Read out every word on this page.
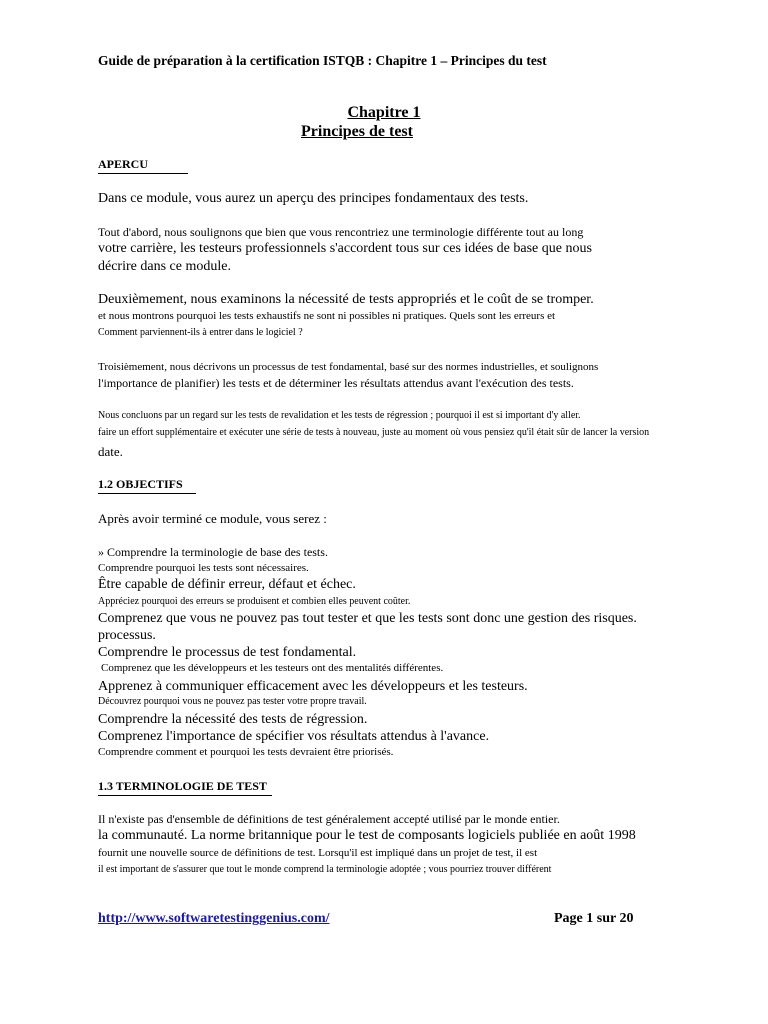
Guide de préparation à la certification ISTQB : Chapitre 1 – Principes du test
Chapitre 1
Principes de test
APERCU
Dans ce module, vous aurez un aperçu des principes fondamentaux des tests.
Tout d'abord, nous soulignons que bien que vous rencontriez une terminologie différente tout au long
votre carrière, les testeurs professionnels s'accordent tous sur ces idées de base que nous
décrire dans ce module.
Deuxièmement, nous examinons la nécessité de tests appropriés et le coût de se tromper.
et nous montrons pourquoi les tests exhaustifs ne sont ni possibles ni pratiques. Quels sont les erreurs et
Comment parviennent-ils à entrer dans le logiciel ?
Troisièmement, nous décrivons un processus de test fondamental, basé sur des normes industrielles, et soulignons
l'importance de planifier) les tests et de déterminer les résultats attendus avant l'exécution des tests.
Nous concluons par un regard sur les tests de revalidation et les tests de régression ; pourquoi il est si important d'y aller.
faire un effort supplémentaire et exécuter une série de tests à nouveau, juste au moment où vous pensiez qu'il était sûr de lancer la version
date.
1.2 OBJECTIFS
Après avoir terminé ce module, vous serez :
» Comprendre la terminologie de base des tests.
Comprendre pourquoi les tests sont nécessaires.
Être capable de définir erreur, défaut et échec.
Appréciez pourquoi des erreurs se produisent et combien elles peuvent coûter.
Comprenez que vous ne pouvez pas tout tester et que les tests sont donc une gestion des risques.
processus.
Comprendre le processus de test fondamental.
Comprenez que les développeurs et les testeurs ont des mentalités différentes.
Apprenez à communiquer efficacement avec les développeurs et les testeurs.
Découvrez pourquoi vous ne pouvez pas tester votre propre travail.
Comprendre la nécessité des tests de régression.
Comprenez l'importance de spécifier vos résultats attendus à l'avance.
Comprendre comment et pourquoi les tests devraient être priorisés.
1.3 TERMINOLOGIE DE TEST
Il n'existe pas d'ensemble de définitions de test généralement accepté utilisé par le monde entier.
la communauté. La norme britannique pour le test de composants logiciels publiée en août 1998
fournit une nouvelle source de définitions de test. Lorsqu'il est impliqué dans un projet de test, il est
il est important de s'assurer que tout le monde comprend la terminologie adoptée ; vous pourriez trouver différent
http://www.softwaretestinggenius.com/	Page 1 sur 20
